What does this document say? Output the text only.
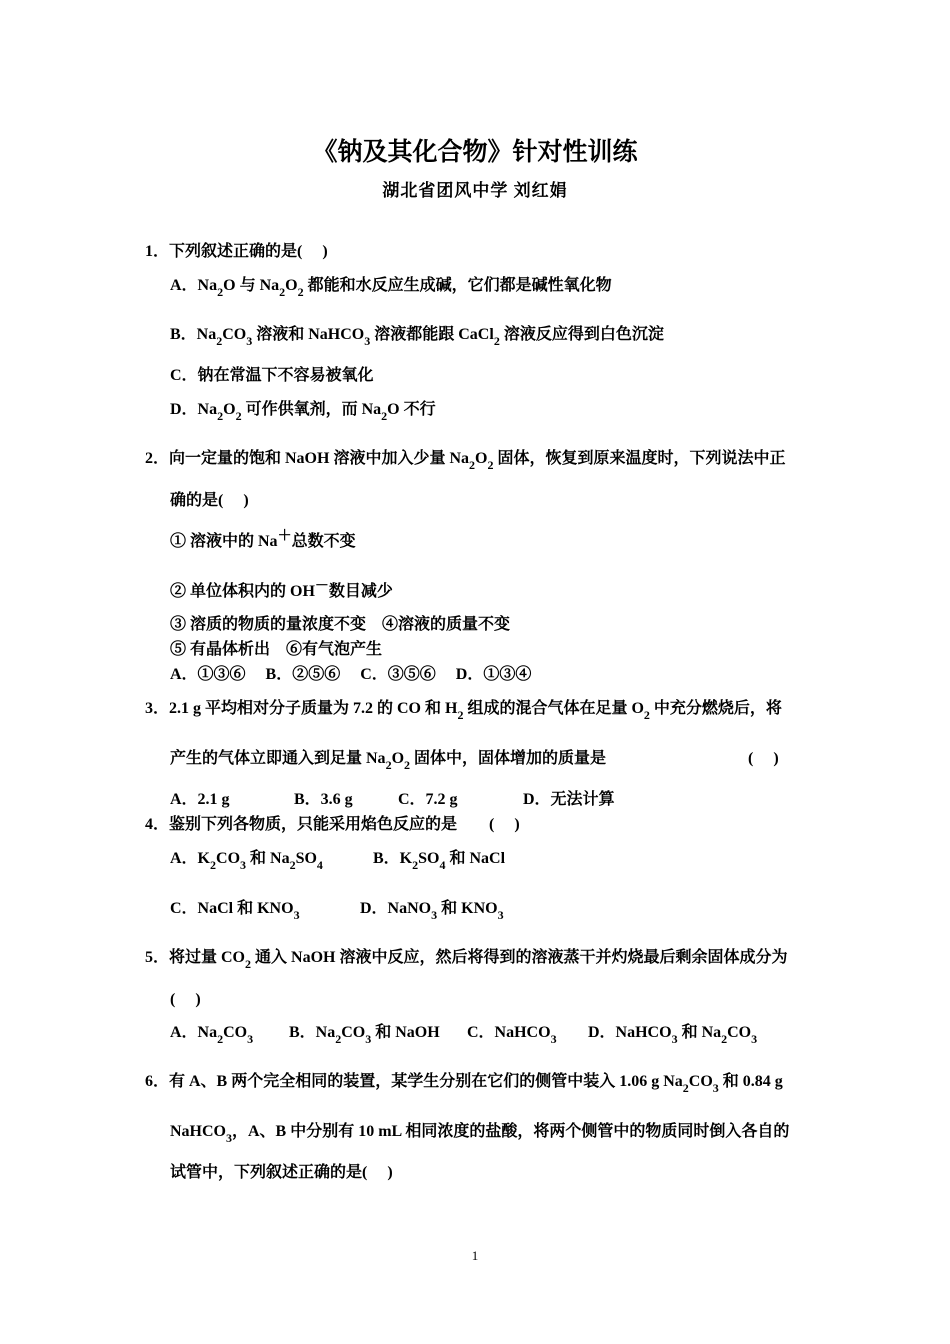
《钠及其化合物》针对性训练
湖北省团风中学 刘红娟
1．下列叙述正确的是(　 )
A．$Na_2O$ 与 $Na_2O_2$ 都能和水反应生成碱，它们都是碱性氧化物
B．$Na_2CO_3$ 溶液和 NaHCO$_3$ 溶液都能跟 CaCl$_2$ 溶液反应得到白色沉淀
C．钠在常温下不容易被氧化
D．$Na_2O_2$ 可作供氧剂，而 $Na_2O$ 不行
2．向一定量的饱和 NaOH 溶液中加入少量 $Na_2O_2$ 固体，恢复到原来温度时，下列说法中正
确的是(　 )
① 溶液中的 Na＋总数不变
② 单位体积内的 OH－数目减少
③ 溶质的物质的量浓度不变　④溶液的质量不变
⑤ 有晶体析出　⑥有气泡产生
A．①③⑥　 B．②⑤⑥　 C．③⑤⑥　 D．①③④
3．2.1 g 平均相对分子质量为 7.2 的 CO 和 $H_2$ 组成的混合气体在足量 $O_2$ 中充分燃烧后，将
产生的气体立即通入到足量 $Na_2O_2$ 固体中，固体增加的质量是	(　 )
A．2.1 g	B．3.6 g	C．7.2 g	D．无法计算
4．鉴别下列各物质，只能采用焰色反应的是　　(　 )
A．$K_2CO_3$ 和 $Na_2SO_4$	B．$K_2SO_4$ 和 NaCl
C．NaCl 和 $KNO_3$	D．NaNO$_3$ 和 $KNO_3$
5．将过量 $CO_2$ 通入 NaOH 溶液中反应，然后将得到的溶液蒸干并灼烧最后剩余固体成分为
(　 )
A．$Na_2CO_3$ B．$Na_2CO_3$ 和 NaOH C．NaHCO$_3$ D．NaHCO$_3$ 和 $Na_2CO_3$
6．有 A、B 两个完全相同的装置，某学生分别在它们的侧管中装入 1.06 g $Na_2CO_3$ 和 0.84 g
NaHCO$_3$，A、B 中分别有 10 mL 相同浓度的盐酸，将两个侧管中的物质同时倒入各自的
试管中，下列叙述正确的是(　 )
1
